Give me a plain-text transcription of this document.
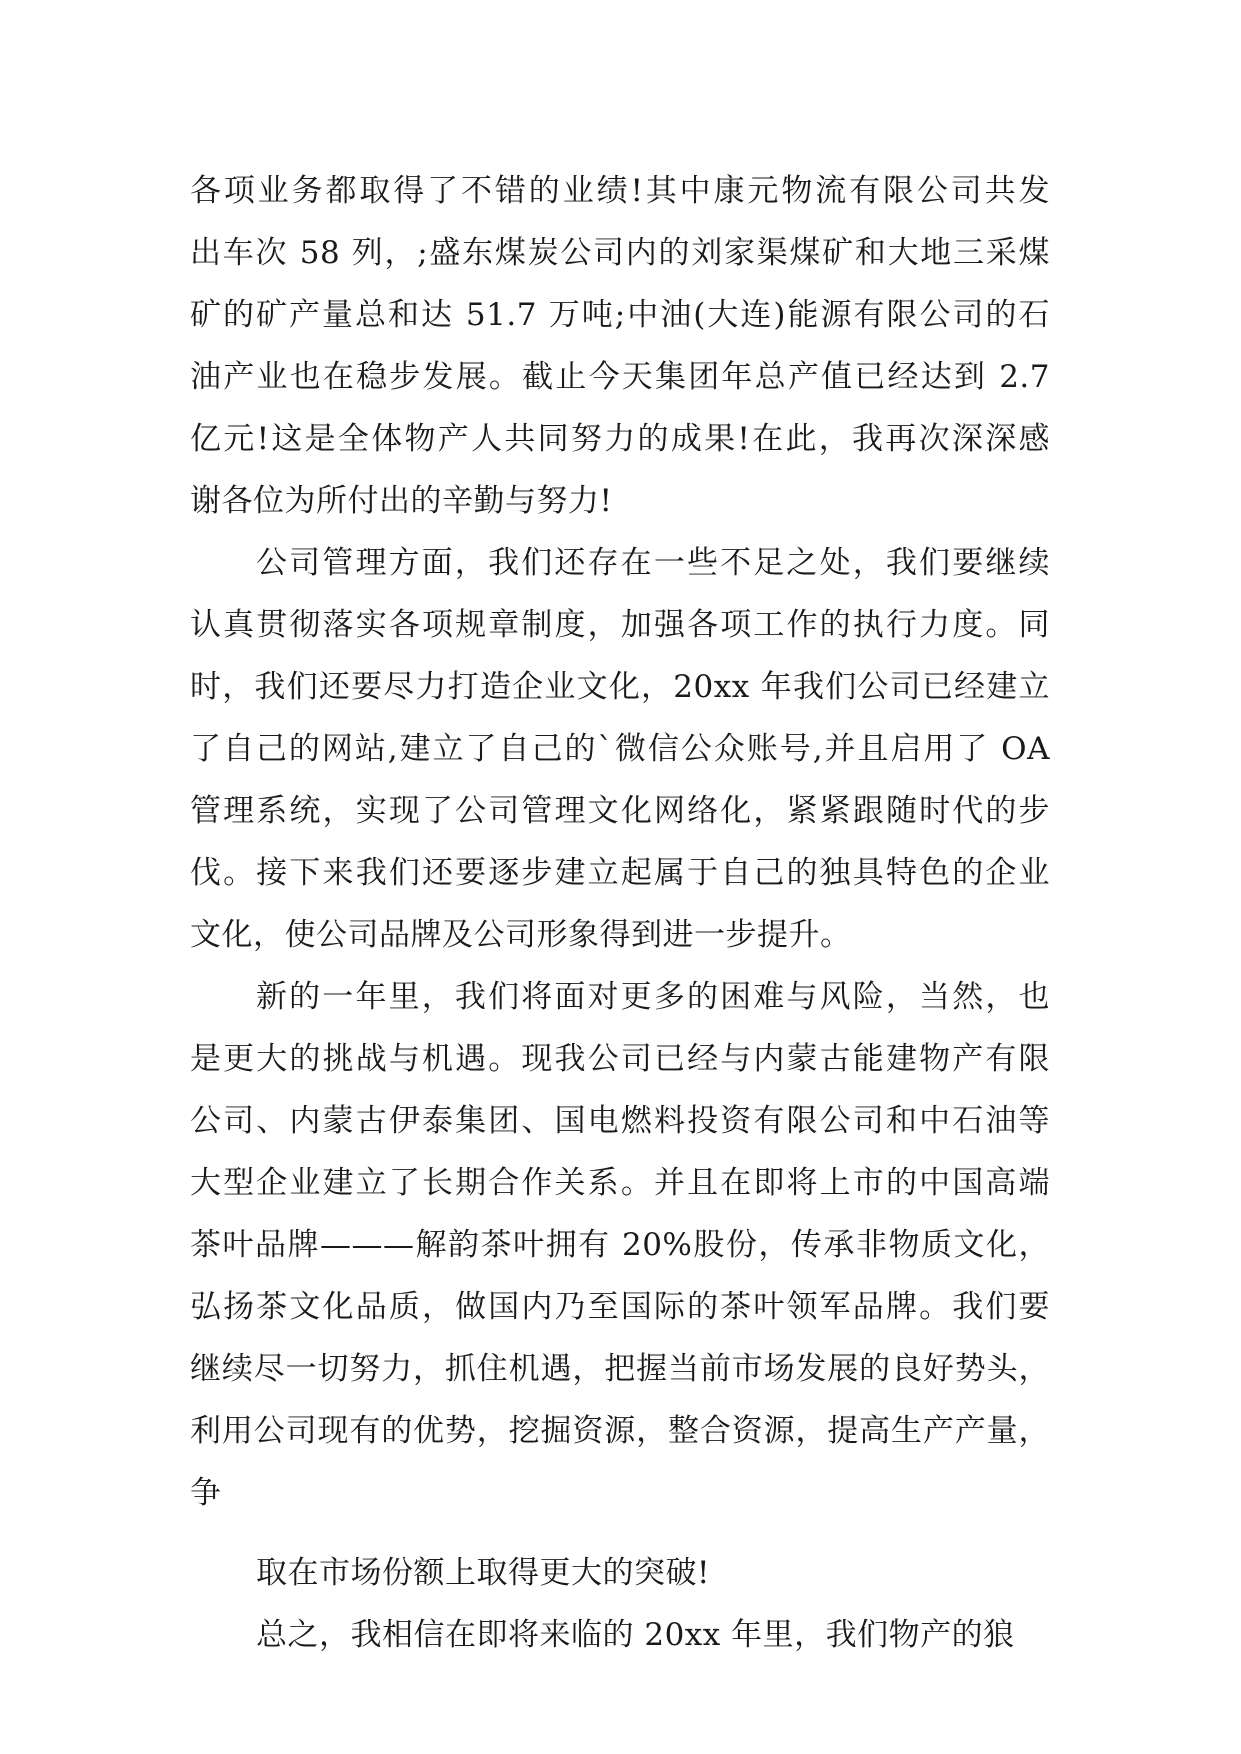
各项业务都取得了不错的业绩!其中康元物流有限公司共发
出车次 58 列，;盛东煤炭公司内的刘家渠煤矿和大地三采煤
矿的矿产量总和达 51.7 万吨;中油(大连)能源有限公司的石
油产业也在稳步发展。截止今天集团年总产值已经达到 2.7
亿元!这是全体物产人共同努力的成果!在此，我再次深深感
谢各位为所付出的辛勤与努力!
公司管理方面，我们还存在一些不足之处，我们要继续
认真贯彻落实各项规章制度，加强各项工作的执行力度。同
时，我们还要尽力打造企业文化，20xx 年我们公司已经建立
了自己的网站,建立了自己的`微信公众账号,并且启用了 OA
管理系统，实现了公司管理文化网络化，紧紧跟随时代的步
伐。接下来我们还要逐步建立起属于自己的独具特色的企业
文化，使公司品牌及公司形象得到进一步提升。
新的一年里，我们将面对更多的困难与风险，当然，也
是更大的挑战与机遇。现我公司已经与内蒙古能建物产有限
公司、内蒙古伊泰集团、国电燃料投资有限公司和中石油等
大型企业建立了长期合作关系。并且在即将上市的中国高端
茶叶品牌———解韵茶叶拥有 20%股份，传承非物质文化，
弘扬茶文化品质，做国内乃至国际的茶叶领军品牌。我们要
继续尽一切努力，抓住机遇，把握当前市场发展的良好势头，
利用公司现有的优势，挖掘资源，整合资源，提高生产产量，
争
取在市场份额上取得更大的突破!
总之，我相信在即将来临的 20xx 年里，我们物产的狼
